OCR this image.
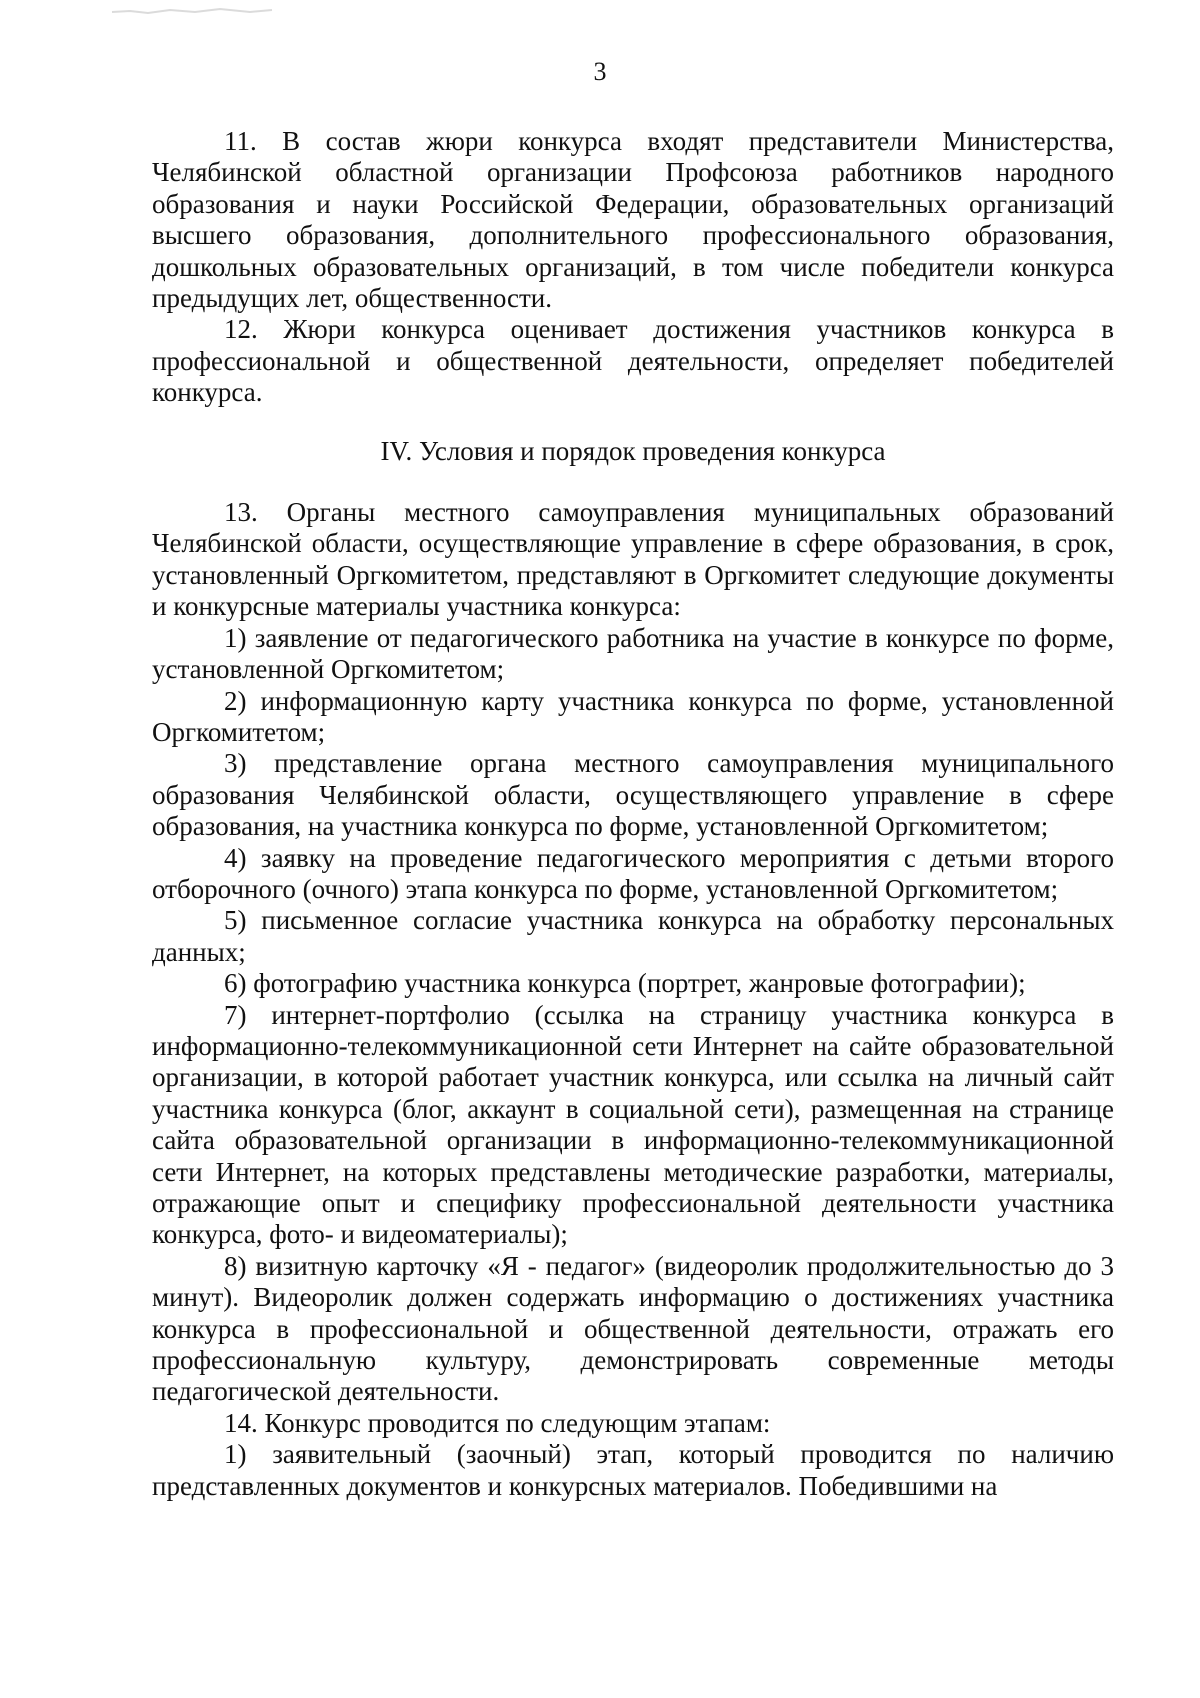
3

11. В состав жюри конкурса входят представители Министерства, Челябинской областной организации Профсоюза работников народного образования и науки Российской Федерации, образовательных организаций высшего образования, дополнительного профессионального образования, дошкольных образовательных организаций, в том числе победители конкурса предыдущих лет, общественности.

12. Жюри конкурса оценивает достижения участников конкурса в профессиональной и общественной деятельности, определяет победителей конкурса.

IV. Условия и порядок проведения конкурса

13. Органы местного самоуправления муниципальных образований Челябинской области, осуществляющие управление в сфере образования, в срок, установленный Оргкомитетом, представляют в Оргкомитет следующие документы и конкурсные материалы участника конкурса:

1) заявление от педагогического работника на участие в конкурсе по форме, установленной Оргкомитетом;

2) информационную карту участника конкурса по форме, установленной Оргкомитетом;

3) представление органа местного самоуправления муниципального образования Челябинской области, осуществляющего управление в сфере образования, на участника конкурса по форме, установленной Оргкомитетом;

4) заявку на проведение педагогического мероприятия с детьми второго отборочного (очного) этапа конкурса по форме, установленной Оргкомитетом;

5) письменное согласие участника конкурса на обработку персональных данных;

6) фотографию участника конкурса (портрет, жанровые фотографии);

7) интернет-портфолио (ссылка на страницу участника конкурса в информационно-телекоммуникационной сети Интернет на сайте образовательной организации, в которой работает участник конкурса, или ссылка на личный сайт участника конкурса (блог, аккаунт в социальной сети), размещенная на странице сайта образовательной организации в информационно-телекоммуникационной сети Интернет, на которых представлены методические разработки, материалы, отражающие опыт и специфику профессиональной деятельности участника конкурса, фото- и видеоматериалы);

8) визитную карточку «Я - педагог» (видеоролик продолжительностью до 3 минут). Видеоролик должен содержать информацию о достижениях участника конкурса в профессиональной и общественной деятельности, отражать его профессиональную культуру, демонстрировать современные методы педагогической деятельности.

14. Конкурс проводится по следующим этапам:

1) заявительный (заочный) этап, который проводится по наличию представленных документов и конкурсных материалов. Победившими на
